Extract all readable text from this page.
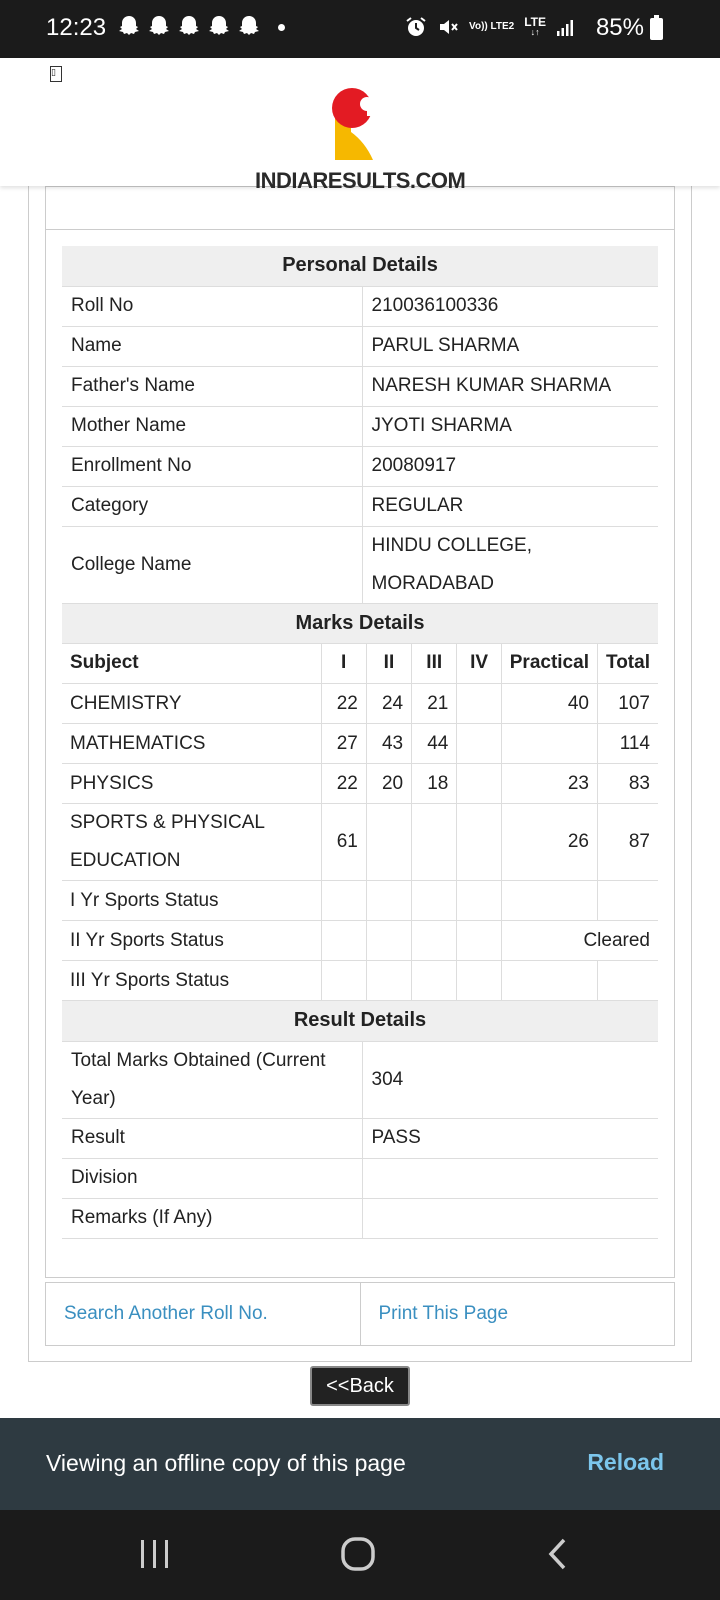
12:23	Vo)) LTE2 LTE
↓↑ 85%
▯
INDIARESULTS.COM
Personal Details	
Roll No	210036100336
Name	PARUL SHARMA
Father's Name	NARESH KUMAR SHARMA
Mother Name	JYOTI SHARMA
Enrollment No	20080917
Category	REGULAR
College Name	HINDU COLLEGE, MORADABAD
Marks Details	
Subject	I	II	III	IV	Practical	Total
CHEMISTRY	22	24	21		40	107
MATHEMATICS	27	43	44			114
PHYSICS	22	20	18		23	83
SPORTS & PHYSICAL EDUCATION	61				26	87
I Yr Sports Status						
II Yr Sports Status					Cleared	
III Yr Sports Status						
Result Details	
Total Marks Obtained (Current Year)	304
Result	PASS
Division	
Remarks (If Any)	
Search Another Roll No.	Print This Page
<<Back
Viewing an offline copy of this page	Reload
